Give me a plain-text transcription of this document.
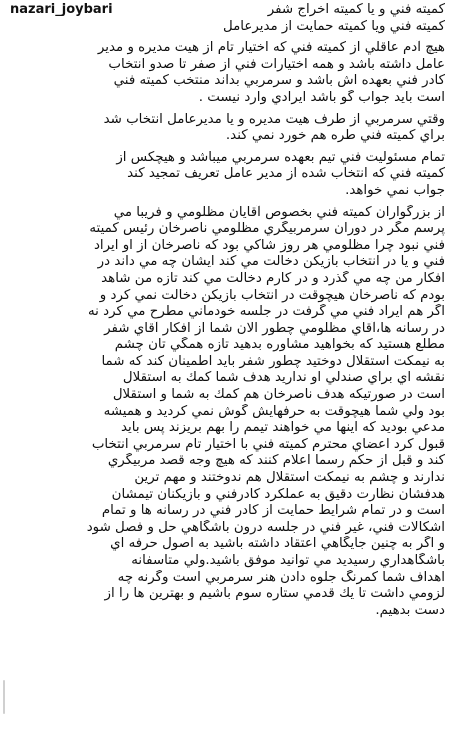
nazari_joybari	کمیته فني و یا کمیته اخراج شفر
کمیته فني ویا کمیته حمایت از مدیرعامل
هیچ آدم عاقلي از کمیته فني که اختیار تام از هیت مدیره و مدیر
عامل داشته باشد و همه اختیارات فني از صفر تا صدو انتخاب
کادر فني بعهده اش باشد و سرمربي بداند منتخب کمیته فني
است باید جواب گو باشد ایرادي وارد نیست .
وقتي سرمربي از طرف هیت مدیره و یا مدیرعامل انتخاب شد
براي کمیته فني طره هم خورد نمي کند.
تمام مسئولیت فني تیم بعهده سرمربي میباشد و هیچکس از
کمیته فني که انتخاب شده از مدیر عامل تعریف تمجید کند
جواب نمي خواهد.
از بزرگواران کمیته فني بخصوص آقایان مظلومي و فریبا مي
پرسم مگر در دوران سرمربیگري مظلومي ناصرخان رئیس کمیته
فني نبود چرا مظلومي هر روز شاکي بود که ناصرخان از او ایراد
فني و یا در انتخاب بازیکن دخالت مي کند ایشان چه مي داند در
افکار من چه مي گذرد و در کارم دخالت مي کند تازه من شاهد
بودم که ناصرخان هیچوقت در انتخاب بازیکن دخالت نمي کرد و
اگر هم ایراد فني مي گرفت در جلسه خودماني مطرح مي کرد نه
در رسانه ها،آقاي مظلومي چطور الان شما از افکار آقاي شفر
مطلع هستید که بخواهید مشاوره بدهید تازه همگي تان چشم
به نیمکت استقلال دوختید چطور شفر باید اطمینان کند که شما
نقشه اي براي صندلي او ندارید هدف شما کمك به استقلال
است در صورتیکه هدف ناصرخان هم کمك به شما و استقلال
بود ولي شما هیچوقت به حرفهایش گوش نمي کردید و همیشه
مدعي بودید که اینها مي خواهند تیمم را بهم بریزند پس باید
قبول کرد اعضاي محترم کمیته فني با اختیار تام سرمربي انتخاب
کند و قبل از حکم رسما اعلام کنند که هیچ وجه قصد مربیگري
ندارند و چشم به نیمکت استقلال هم ندوختند و مهم ترین
هدفشان نظارت دقیق به عملکرد کادرفني و بازیکنان تیمشان
است و در تمام شرایط حمایت از کادر فني در رسانه ها و تمام
اشکالات فني، غیر فني در جلسه درون باشگاهي حل و فصل شود
و اگر به چنین جایگاهي اعتقاد داشته باشید به اصول حرفه اي
باشگاهداري رسیدید مي توانید موفق باشید.ولي متاسفانه
اهداف شما کمرنگ جلوه دادن هنر سرمربي است وگرنه چه
لزومي داشت تا یك قدمي ستاره سوم باشیم و بهترین ها را از
دست بدهیم.
